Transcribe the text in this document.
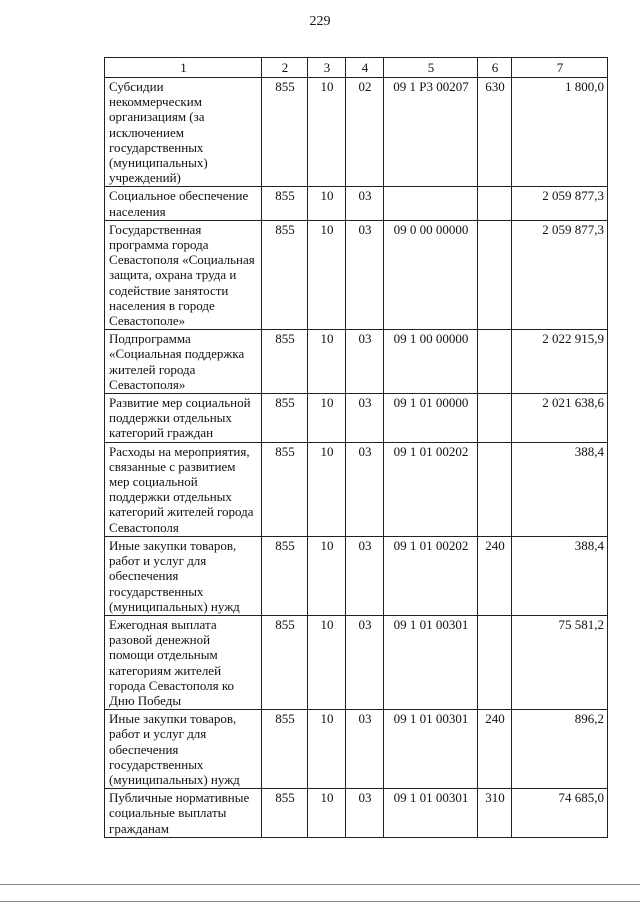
229
1	2	3	4	5	6	7
Субсидии некоммерческим организациям (за исключением государственных (муниципальных) учреждений)	855	10	02	09 1 Р3 00207	630	1 800,0
Социальное обеспечение населения	855	10	03			2 059 877,3
Государственная программа города Севастополя «Социальная защита, охрана труда и содействие занятости населения в городе Севастополе»	855	10	03	09 0 00 00000		2 059 877,3
Подпрограмма «Социальная поддержка жителей города Севастополя»	855	10	03	09 1 00 00000		2 022 915,9
Развитие мер социальной поддержки отдельных категорий граждан	855	10	03	09 1 01 00000		2 021 638,6
Расходы на мероприятия, связанные с развитием мер социальной поддержки отдельных категорий жителей города Севастополя	855	10	03	09 1 01 00202		388,4
Иные закупки товаров, работ и услуг для обеспечения государственных (муниципальных) нужд	855	10	03	09 1 01 00202	240	388,4
Ежегодная выплата разовой денежной помощи отдельным категориям жителей города Севастополя ко Дню Победы	855	10	03	09 1 01 00301		75 581,2
Иные закупки товаров, работ и услуг для обеспечения государственных (муниципальных) нужд	855	10	03	09 1 01 00301	240	896,2
Публичные нормативные социальные выплаты гражданам	855	10	03	09 1 01 00301	310	74 685,0
